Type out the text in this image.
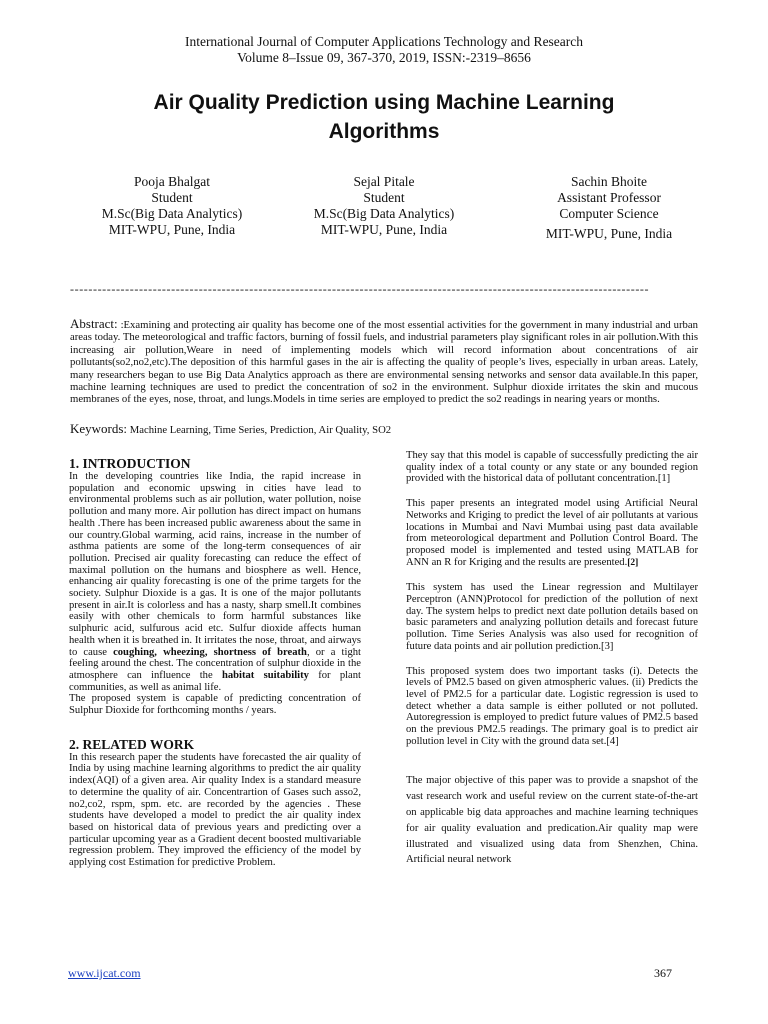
International Journal of Computer Applications Technology and Research
Volume 8–Issue 09, 367-370, 2019, ISSN:-2319–8656
Air Quality Prediction using Machine Learning
Algorithms
Pooja Bhalgat
Student
M.Sc(Big Data Analytics)
MIT-WPU, Pune, India
Sejal Pitale
Student
M.Sc(Big Data Analytics)
MIT-WPU, Pune, India
Sachin Bhoite
Assistant Professor
Computer Science
MIT-WPU, Pune, India
------------------------------------------------------------------------------------------------------------------------------
Abstract: :Examining and protecting air quality has become one of the most essential activities for the government in many industrial and urban areas today. The meteorological and traffic factors, burning of fossil fuels, and industrial parameters play significant roles in air pollution.With this increasing air pollution,Weare in need of implementing models which will record information about concentrations of air pollutants(so2,no2,etc).The deposition of this harmful gases in the air is affecting the quality of people’s lives, especially in urban areas. Lately, many researchers began to use Big Data Analytics approach as there are environmental sensing networks and sensor data available.In this paper, machine learning techniques are used to predict the concentration of so2 in the environment. Sulphur dioxide irritates the skin and mucous membranes of the eyes, nose, throat, and lungs.Models in time series are employed to predict the so2 readings in nearing years or months.
Keywords: Machine Learning, Time Series, Prediction, Air Quality, SO2
1. INTRODUCTION

In the developing countries like India, the rapid increase in population and economic upswing in cities have lead to environmental problems such as air pollution, water pollution, noise pollution and many more. Air pollution has direct impact on humans health .There has been increased public awareness about the same in our country.Global warming, acid rains, increase in the number of asthma patients are some of the long-term consequences of air pollution. Precised air quality forecasting can reduce the effect of maximal pollution on the humans and biosphere as well. Hence, enhancing air quality forecasting is one of the prime targets for the society. Sulphur Dioxide is a gas. It is one of the major pollutants present in air.It is colorless and has a nasty, sharp smell.It combines easily with other chemicals to form harmful substances like sulphuric acid, sulfurous acid etc. Sulfur dioxide affects human health when it is breathed in. It irritates the nose, throat, and airways to cause coughing, wheezing, shortness of breath, or a tight feeling around the chest. The concentration of sulphur dioxide in the atmosphere can influence the habitat suitability for plant communities, as well as animal life.

The proposed system is capable of predicting concentration of Sulphur Dioxide for forthcoming months / years.

2. RELATED WORK

In this research paper the students have forecasted the air quality of India by using machine learning algorithms to predict the air quality index(AQI) of a given area. Air quality Index is a standard measure to determine the quality of air. Concentrartion of Gases such asso2, no2,co2, rspm, spm. etc. are recorded by the agencies . These students have developed a model to predict the air quality index based on historical data of previous years and predicting over a particular upcoming year as a Gradient decent boosted multivariable regression problem. They improved the efficiency of the model by applying cost Estimation for predictive Problem.

They say that this model is capable of successfully predicting the air quality index of a total county or any state or any bounded region provided with the historical data of pollutant concentration.[1]

This paper presents an integrated model using Artificial Neural Networks and Kriging to predict the level of air pollutants at various locations in Mumbai and Navi Mumbai using past data available from meteorological department and Pollution Control Board. The proposed model is implemented and tested using MATLAB for ANN an R for Kriging and the results are presented.[2]

This system has used the Linear regression and Multilayer Perceptron (ANN)Protocol for prediction of the pollution of next day. The system helps to predict next date pollution details based on basic parameters and analyzing pollution details and forecast future pollution. Time Series Analysis was also used for recognition of future data points and air pollution prediction.[3]

This proposed system does two important tasks (i). Detects the levels of PM2.5 based on given atmospheric values. (ii) Predicts the level of PM2.5 for a particular date. Logistic regression is used to detect whether a data sample is either polluted or not polluted. Autoregression is employed to predict future values of PM2.5 based on the previous PM2.5 readings. The primary goal is to predict air pollution level in City with the ground data set.[4]

The major objective of this paper was to provide a snapshot of the vast research work and useful review on the current state-of-the-art on applicable big data approaches and machine learning techniques for air quality evaluation and predication.Air quality map were illustrated and visualized using data from Shenzhen, China. Artificial neural network

www.ijcat.com	367
